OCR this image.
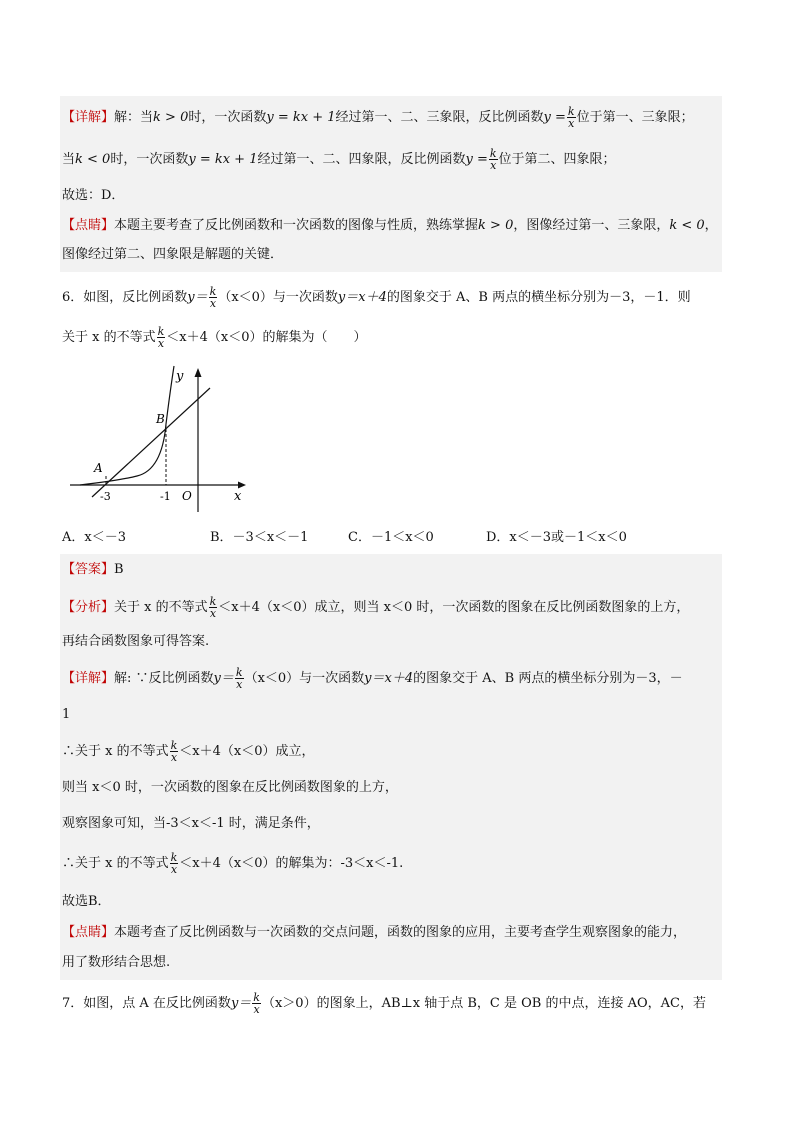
【详解】解：当k > 0时，一次函数y = kx + 1经过第一、二、三象限，反比例函数$y = \frac{k}{x}$ 位于第一、三象限；
当k < 0时，一次函数y = kx + 1经过第一、二、四象限，反比例函数$y = \frac{k}{x}$ 位于第二、四象限；
故选：D．
【点睛】本题主要考查了反比例函数和一次函数的图像与性质，熟练掌握k > 0，图像经过第一、三象限，k < 0，
图像经过第二、四象限是解题的关键．
6．如图，反比例函数$y= \frac{k}{x} (x<0)$与一次函数y＝x＋4的图象交于 A、B 两点的横坐标分别为－3，－1．则
关于 x 的不等式 $\frac{k}{x} <x+4(x<0)$的解集为（　　）
y
x
O
A
B
-3	-1
A．x＜－3	B．－3＜x＜－1	C．－1＜x＜0	D．x＜－3或－1＜x＜0
【答案】B
【分析】关于 x 的不等式 $\frac{k}{x} <x+4(x<0)$成立，则当 x＜0 时，一次函数的图象在反比例函数图象的上方，
再结合函数图象可得答案.
【详解】解: ∵反比例函数$y= \frac{k}{x} (x<0)$与一次函数y＝x＋4的图象交于 A、B 两点的横坐标分别为－3，－
1
∴关于 x 的不等式 $\frac{k}{x} <x+4(x<0)$成立，
则当 x＜0 时，一次函数的图象在反比例函数图象的上方，
观察图象可知，当-3＜x＜-1 时，满足条件，
∴关于 x 的不等式 $\frac{k}{x} <x+4(x<0)$的解集为：-3＜x＜-1.
故选B．
【点睛】本题考查了反比例函数与一次函数的交点问题，函数的图象的应用，主要考查学生观察图象的能力，
用了数形结合思想.
7．如图，点 A 在反比例函数$y= \frac{k}{x} (x>0)$的图象上，AB⊥x 轴于点 B，C 是 OB 的中点，连接 AO，AC，若
